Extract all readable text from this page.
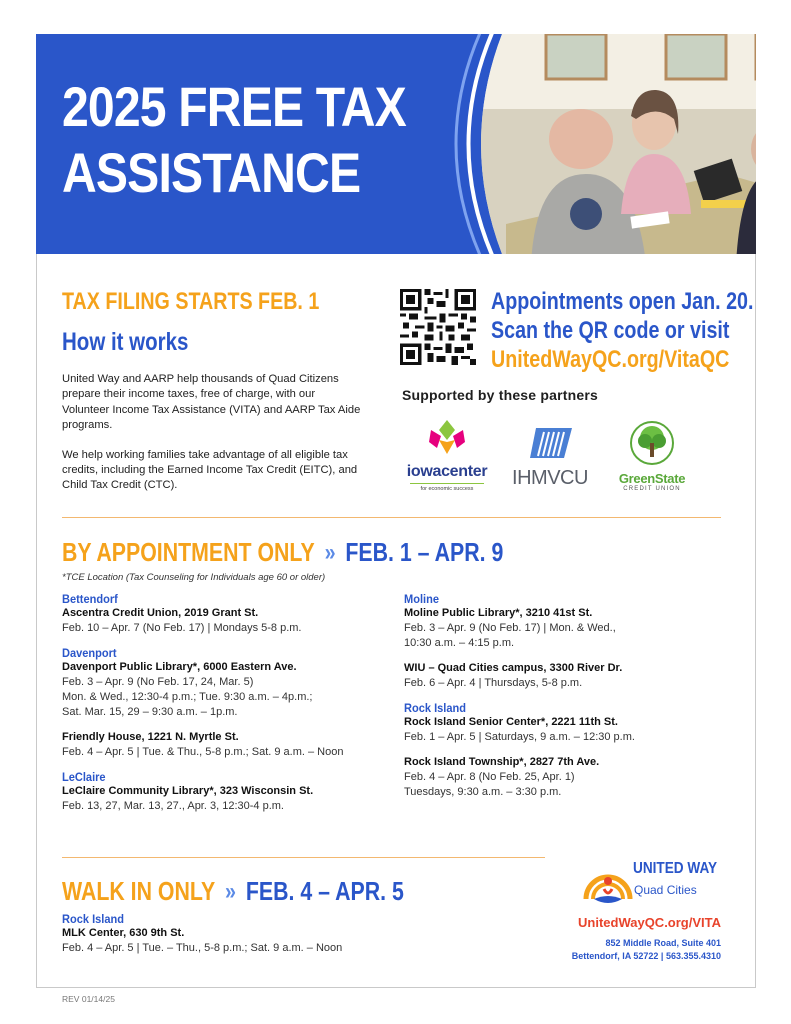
2025 FREE TAX
ASSISTANCE
TAX FILING STARTS FEB. 1
How it works

United Way and AARP help thousands of Quad Citizens prepare their income taxes, free of charge, with our Volunteer Income Tax Assistance (VITA) and AARP Tax Aide programs.

We help working families take advantage of all eligible tax credits, including the Earned Income Tax Credit (EITC), and Child Tax Credit (CTC).

Appointments open Jan. 20.
Scan the QR code or visit
UnitedWayQC.org/VitaQC
Supported by these partners
iowacenter
for economic success	IHMVCU	GreenState
CREDIT UNION
BY APPOINTMENT ONLY » FEB. 1 – APR. 9
*TCE Location (Tax Counseling for Individuals age 60 or older)
Bettendorf
Ascentra Credit Union, 2019 Grant St.
Feb. 10 – Apr. 7 (No Feb. 17) | Mondays 5-8 p.m.
Davenport
Davenport Public Library*, 6000 Eastern Ave.
Feb. 3 – Apr. 9 (No Feb. 17, 24, Mar. 5)
Mon. & Wed., 12:30-4 p.m.; Tue. 9:30 a.m. – 4p.m.;
Sat. Mar. 15, 29 – 9:30 a.m. – 1p.m.
Friendly House, 1221 N. Myrtle St.
Feb. 4 – Apr. 5 | Tue. & Thu., 5-8 p.m.; Sat. 9 a.m. – Noon
LeClaire
LeClaire Community Library*, 323 Wisconsin St.
Feb. 13, 27, Mar. 13, 27., Apr. 3, 12:30-4 p.m.
Moline
Moline Public Library*, 3210 41st St.
Feb. 3 – Apr. 9 (No Feb. 17) | Mon. & Wed.,
10:30 a.m. – 4:15 p.m.
WIU – Quad Cities campus, 3300 River Dr.
Feb. 6 – Apr. 4 | Thursdays, 5-8 p.m.
Rock Island
Rock Island Senior Center*, 2221 11th St.
Feb. 1 – Apr. 5 | Saturdays, 9 a.m. – 12:30 p.m.
Rock Island Township*, 2827 7th Ave.
Feb. 4 – Apr. 8 (No Feb. 25, Apr. 1)
Tuesdays, 9:30 a.m. – 3:30 p.m.
WALK IN ONLY » FEB. 4 – APR. 5
Rock Island
MLK Center, 630 9th St.
Feb. 4 – Apr. 5 | Tue. – Thu., 5-8 p.m.; Sat. 9 a.m. – Noon
UNITED WAY
Quad Cities
UnitedWayQC.org/VITA
852 Middle Road, Suite 401
Bettendorf, IA 52722 | 563.355.4310
REV 01/14/25
